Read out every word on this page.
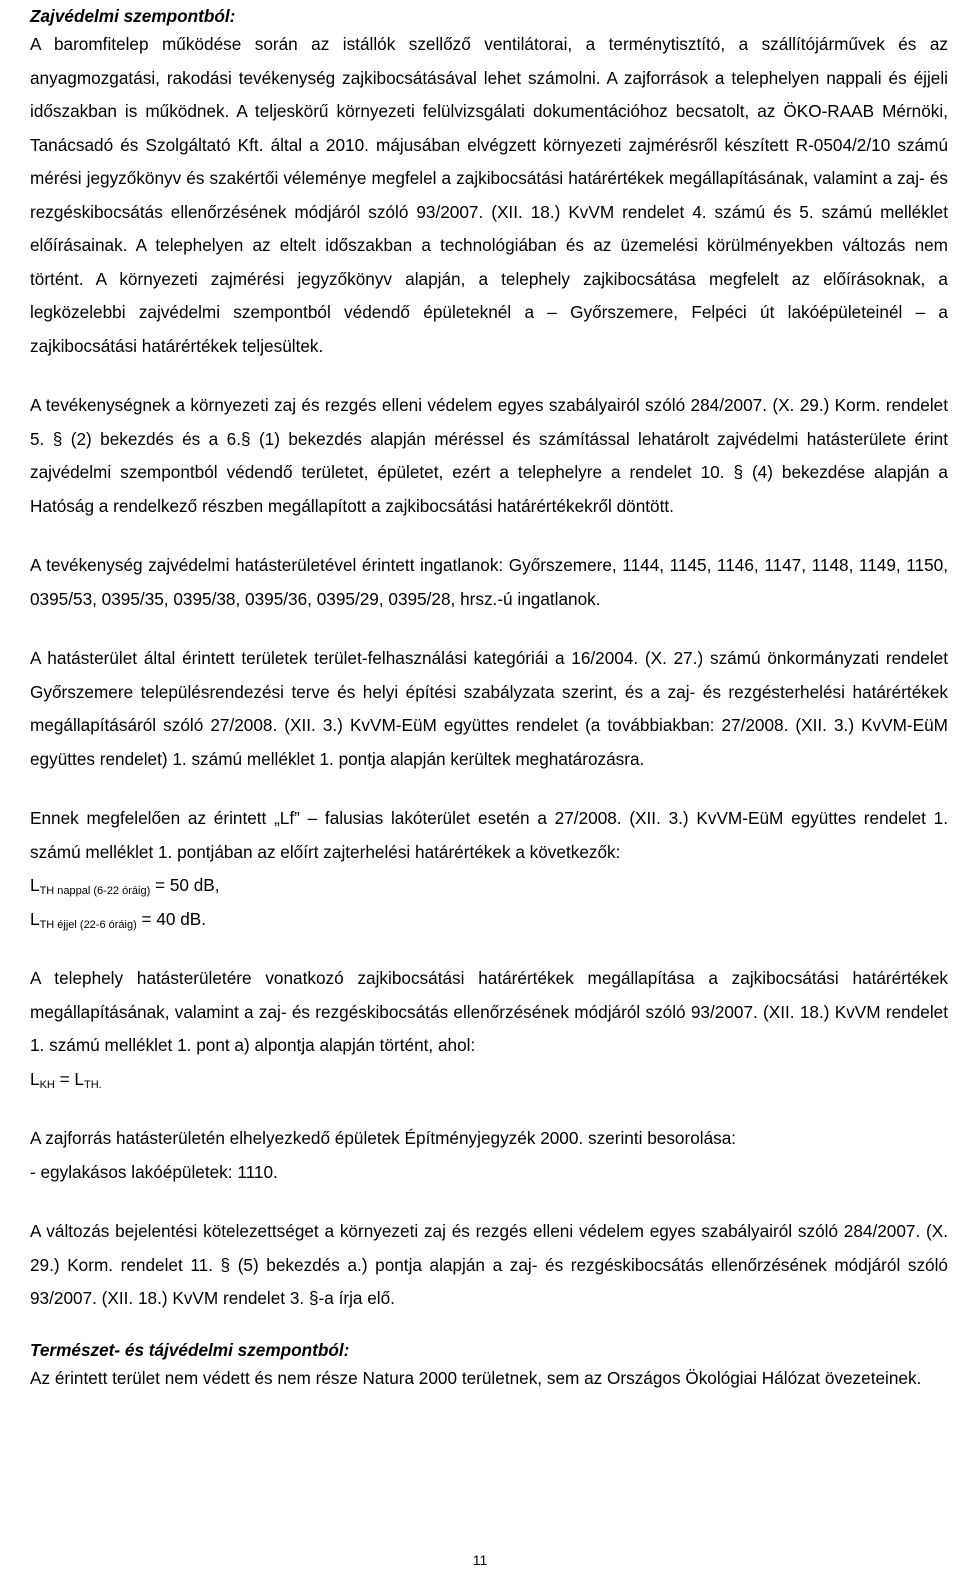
Zajvédelmi szempontból:

A baromfitelep működése során az istállók szellőző ventilátorai, a terménytisztító, a szállítójárművek és az anyagmozgatási, rakodási tevékenység zajkibocsátásával lehet számolni. A zajforrások a telephelyen nappali és éjjeli időszakban is működnek. A teljeskörű környezeti felülvizsgálati dokumentációhoz becsatolt, az ÖKO-RAAB Mérnöki, Tanácsadó és Szolgáltató Kft. által a 2010. májusában elvégzett környezeti zajmérésről készített R-0504/2/10 számú mérési jegyzőkönyv és szakértői véleménye megfelel a zajkibocsátási határértékek megállapításának, valamint a zaj- és rezgéskibocsátás ellenőrzésének módjáról szóló 93/2007. (XII. 18.) KvVM rendelet 4. számú és 5. számú melléklet előírásainak. A telephelyen az eltelt időszakban a technológiában és az üzemelési körülményekben változás nem történt. A környezeti zajmérési jegyzőkönyv alapján, a telephely zajkibocsátása megfelelt az előírásoknak, a legközelebbi zajvédelmi szempontból védendő épületeknél a – Győrszemere, Felpéci út lakóépületeinél – a zajkibocsátási határértékek teljesültek.

A tevékenységnek a környezeti zaj és rezgés elleni védelem egyes szabályairól szóló 284/2007. (X. 29.) Korm. rendelet 5. § (2) bekezdés és a 6.§ (1) bekezdés alapján méréssel és számítással lehatárolt zajvédelmi hatásterülete érint zajvédelmi szempontból védendő területet, épületet, ezért a telephelyre a rendelet 10. § (4) bekezdése alapján a Hatóság a rendelkező részben megállapított a zajkibocsátási határértékekről döntött.

A tevékenység zajvédelmi hatásterületével érintett ingatlanok: Győrszemere, 1144, 1145, 1146, 1147, 1148, 1149, 1150, 0395/53, 0395/35, 0395/38, 0395/36, 0395/29, 0395/28, hrsz.-ú ingatlanok.

A hatásterület által érintett területek terület-felhasználási kategóriái a 16/2004. (X. 27.) számú önkormányzati rendelet Győrszemere településrendezési terve és helyi építési szabályzata szerint, és a zaj- és rezgésterhelési határértékek megállapításáról szóló 27/2008. (XII. 3.) KvVM-EüM együttes rendelet (a továbbiakban: 27/2008. (XII. 3.) KvVM-EüM együttes rendelet) 1. számú melléklet 1. pontja alapján kerültek meghatározásra.

Ennek megfelelően az érintett „Lf” – falusias lakóterület esetén a 27/2008. (XII. 3.) KvVM-EüM együttes rendelet 1. számú melléklet 1. pontjában az előírt zajterhelési határértékek a következők:

$L_{TH nappal (6-22 óráig)} = 50$ dB,

$L_{TH éjjel (22-6 óráig)} = 40$ dB.

A telephely hatásterületére vonatkozó zajkibocsátási határértékek megállapítása a zajkibocsátási határértékek megállapításának, valamint a zaj- és rezgéskibocsátás ellenőrzésének módjáról szóló 93/2007. (XII. 18.) KvVM rendelet 1. számú melléklet 1. pont a) alpontja alapján történt, ahol:

$L_{KH} = L_{TH.}$

A zajforrás hatásterületén elhelyezkedő épületek Építményjegyzék 2000. szerinti besorolása:

- egylakásos lakóépületek: 1110.

A változás bejelentési kötelezettséget a környezeti zaj és rezgés elleni védelem egyes szabályairól szóló 284/2007. (X. 29.) Korm. rendelet 11. § (5) bekezdés a.) pontja alapján a zaj- és rezgéskibocsátás ellenőrzésének módjáról szóló 93/2007. (XII. 18.) KvVM rendelet 3. §-a írja elő.

Természet- és tájvédelmi szempontból:

Az érintett terület nem védett és nem része Natura 2000 területnek, sem az Országos Ökológiai Hálózat övezeteinek.

11
